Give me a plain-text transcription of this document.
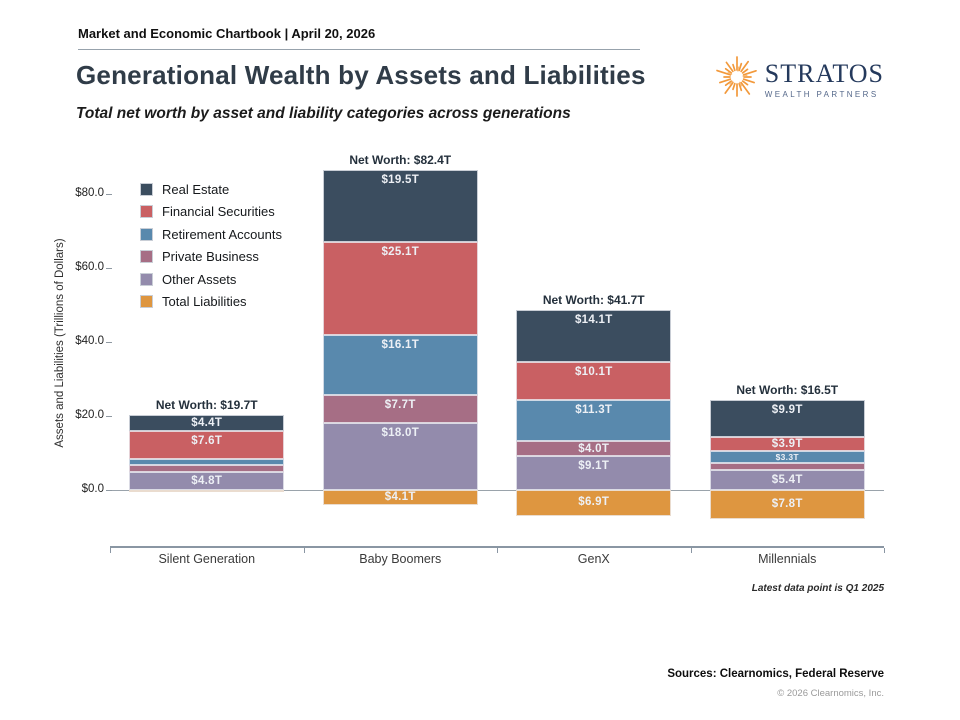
Market and Economic Chartbook | April 20, 2026
Generational Wealth by Assets and Liabilities
Total net worth by asset and liability categories across generations
STRATOS
WEALTH PARTNERS
Assets and Liabilities (Trillions of Dollars)
Real Estate
Financial Securities
Retirement Accounts
Private Business
Other Assets
Total Liabilities
$0.0
$20.0
$40.0
$60.0
$80.0
Silent Generation	Baby Boomers	GenX	Millennials
Net Worth: $19.7T
$4.4T
$7.6T
$4.8T
Net Worth: $82.4T
$19.5T
$25.1T
$16.1T
$7.7T
$18.0T
$4.1T
Net Worth: $41.7T
$14.1T
$10.1T
$11.3T
$4.0T
$9.1T
$6.9T
Net Worth: $16.5T
$9.9T
$3.9T
$3.3T
$5.4T
$7.8T
Latest data point is Q1 2025
Sources: Clearnomics, Federal Reserve
© 2026 Clearnomics, Inc.
